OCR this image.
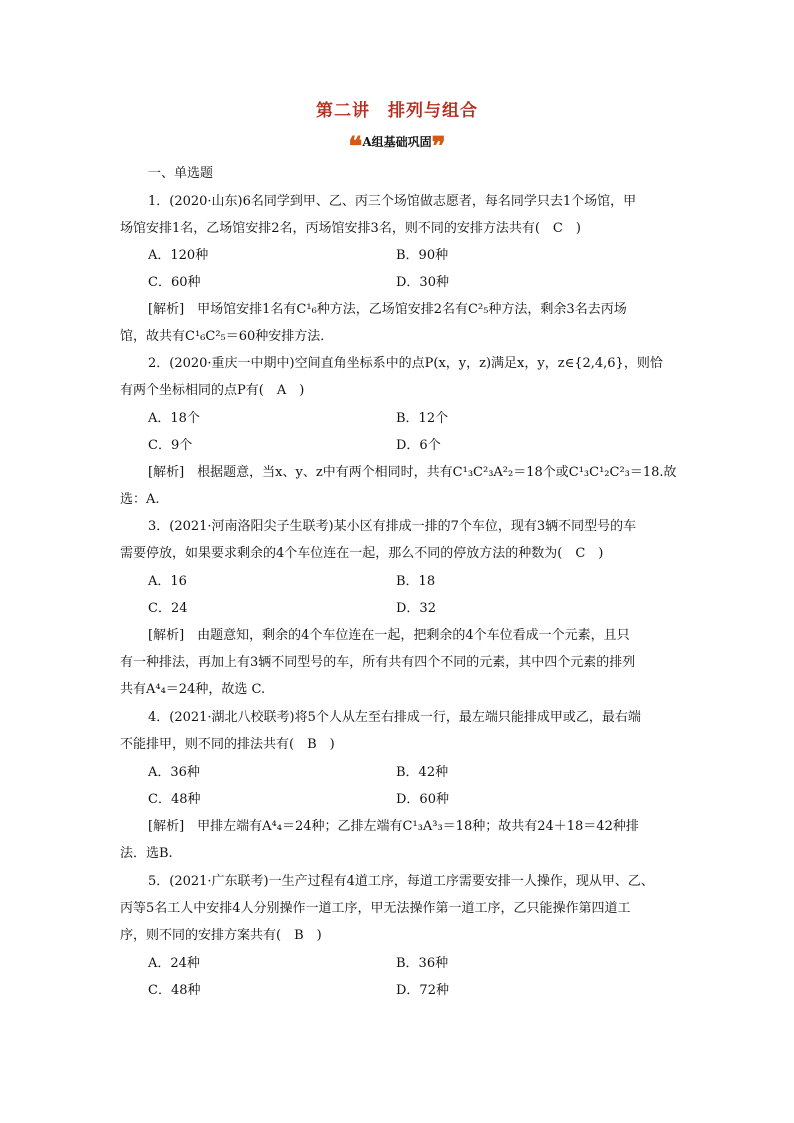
第二讲 排列与组合
❝A组基础巩固❞
一、单选题
1．(2020·山东)6名同学到甲、乙、丙三个场馆做志愿者，每名同学只去1个场馆，甲
场馆安排1名，乙场馆安排2名，丙场馆安排3名，则不同的安排方法共有(　C　)
A．120种	B．90种
C．60种	D．30种
[解析]　甲场馆安排1名有C¹₆种方法，乙场馆安排2名有C²₅种方法，剩余3名去丙场
馆，故共有C¹₆C²₅＝60种安排方法．
2．(2020·重庆一中期中)空间直角坐标系中的点P(x，y，z)满足x，y，z∈{2,4,6}，则恰
有两个坐标相同的点P有(　A　)
A．18个	B．12个
C．9个	D．6个
[解析]　根据题意，当x、y、z中有两个相同时，共有C¹₃C²₃A²₂＝18个或C¹₃C¹₂C²₃＝18.故
选：A.
3．(2021·河南洛阳尖子生联考)某小区有排成一排的7个车位，现有3辆不同型号的车
需要停放，如果要求剩余的4个车位连在一起，那么不同的停放方法的种数为(　C　)
A．16	B．18
C．24	D．32
[解析]　由题意知，剩余的4个车位连在一起，把剩余的4个车位看成一个元素，且只
有一种排法，再加上有3辆不同型号的车，所有共有四个不同的元素，其中四个元素的排列
共有A⁴₄＝24种，故选 C.
4．(2021·湖北八校联考)将5个人从左至右排成一行，最左端只能排成甲或乙，最右端
不能排甲，则不同的排法共有(　B　)
A．36种	B．42种
C．48种	D．60种
[解析]　甲排左端有A⁴₄＝24种；乙排左端有C¹₃A³₃＝18种；故共有24＋18＝42种排
法．选B.
5．(2021·广东联考)一生产过程有4道工序，每道工序需要安排一人操作，现从甲、乙、
丙等5名工人中安排4人分别操作一道工序，甲无法操作第一道工序，乙只能操作第四道工
序，则不同的安排方案共有(　B　)
A．24种	B．36种
C．48种	D．72种
